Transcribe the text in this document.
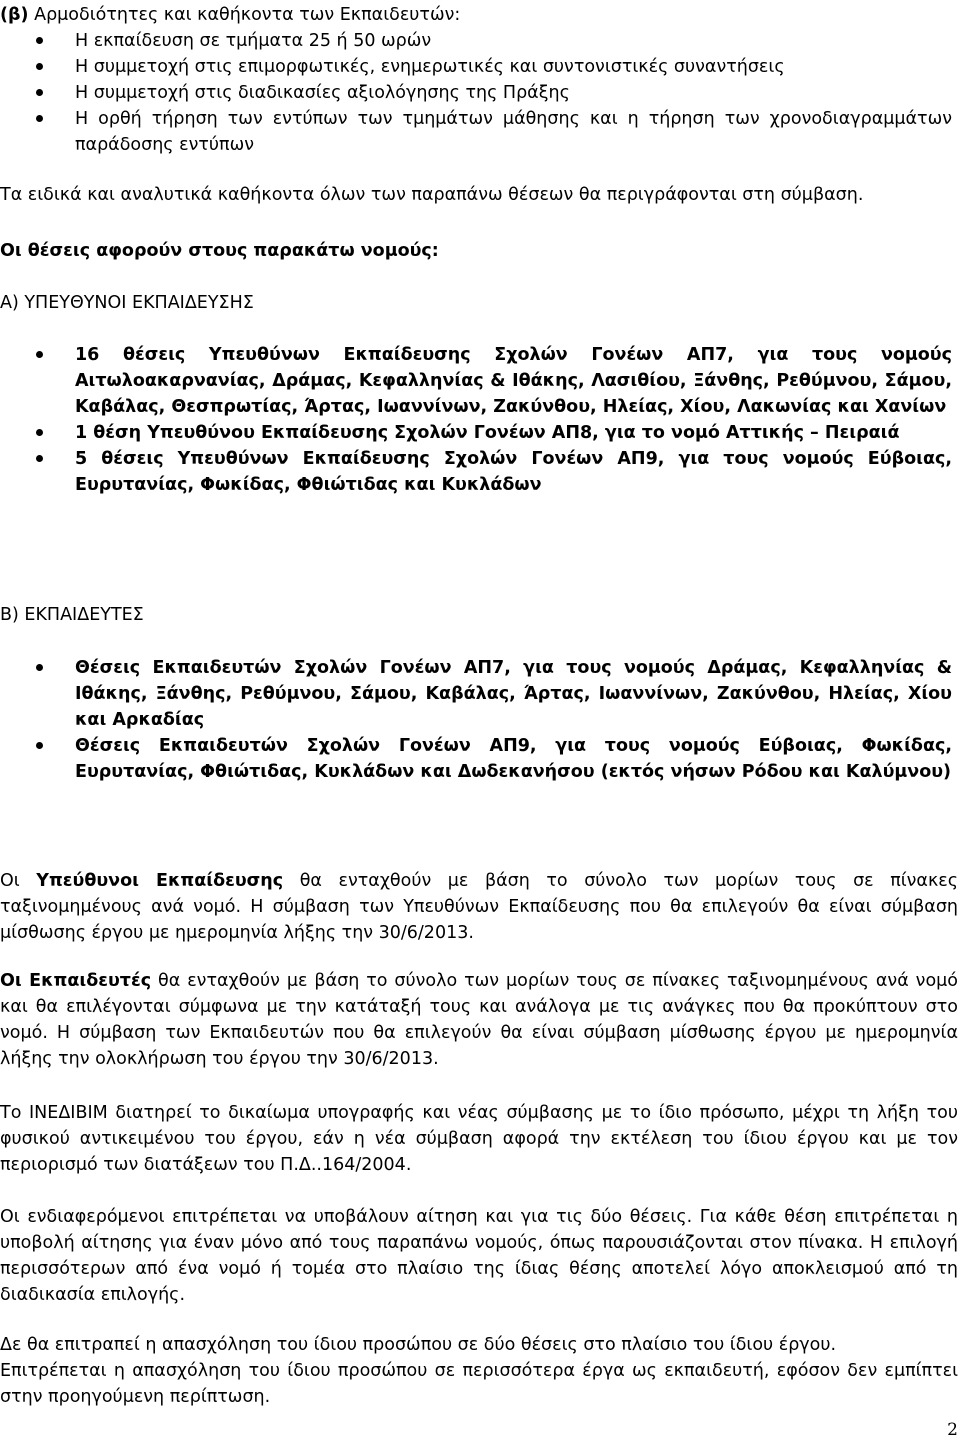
(β) Αρμοδιότητες και καθήκοντα των Εκπαιδευτών:

Η εκπαίδευση σε τμήματα 25 ή 50 ωρών
Η συμμετοχή στις επιμορφωτικές, ενημερωτικές και συντονιστικές συναντήσεις
Η συμμετοχή στις διαδικασίες αξιολόγησης της Πράξης
Η ορθή τήρηση των εντύπων των τμημάτων μάθησης και η τήρηση των χρονοδιαγραμμάτων παράδοσης εντύπων

Τα ειδικά και αναλυτικά καθήκοντα όλων των παραπάνω θέσεων θα περιγράφονται στη σύμβαση.

Οι θέσεις αφορούν στους παρακάτω νομούς:

Α) ΥΠΕΥΘΥΝΟΙ ΕΚΠΑΙΔΕΥΣΗΣ

16 θέσεις Υπευθύνων Εκπαίδευσης Σχολών Γονέων ΑΠ7, για τους νομούς Αιτωλοακαρνανίας, Δράμας, Κεφαλληνίας & Ιθάκης, Λασιθίου, Ξάνθης, Ρεθύμνου, Σάμου, Καβάλας, Θεσπρωτίας, Άρτας, Ιωαννίνων, Ζακύνθου, Ηλείας, Χίου, Λακωνίας και Χανίων
1 θέση Υπευθύνου Εκπαίδευσης Σχολών Γονέων ΑΠ8, για το νομό Αττικής – Πειραιά
5 θέσεις Υπευθύνων Εκπαίδευσης Σχολών Γονέων ΑΠ9, για τους νομούς Εύβοιας, Ευρυτανίας, Φωκίδας, Φθιώτιδας και Κυκλάδων

Β) ΕΚΠΑΙΔΕΥΤΕΣ

Θέσεις Εκπαιδευτών Σχολών Γονέων ΑΠ7, για τους νομούς Δράμας, Κεφαλληνίας & Ιθάκης, Ξάνθης, Ρεθύμνου, Σάμου, Καβάλας, Άρτας, Ιωαννίνων, Ζακύνθου, Ηλείας, Χίου και Αρκαδίας
Θέσεις Εκπαιδευτών Σχολών Γονέων ΑΠ9, για τους νομούς Εύβοιας, Φωκίδας, Ευρυτανίας, Φθιώτιδας, Κυκλάδων και Δωδεκανήσου (εκτός νήσων Ρόδου και Καλύμνου)

Οι Υπεύθυνοι Εκπαίδευσης θα ενταχθούν με βάση το σύνολο των μορίων τους σε πίνακες ταξινομημένους ανά νομό. Η σύμβαση των Υπευθύνων Εκπαίδευσης που θα επιλεγούν θα είναι σύμβαση μίσθωσης έργου με ημερομηνία λήξης την 30/6/2013.

Οι Εκπαιδευτές θα ενταχθούν με βάση το σύνολο των μορίων τους σε πίνακες ταξινομημένους ανά νομό και θα επιλέγονται σύμφωνα με την κατάταξή τους και ανάλογα με τις ανάγκες που θα προκύπτουν στο νομό. Η σύμβαση των Εκπαιδευτών που θα επιλεγούν θα είναι σύμβαση μίσθωσης έργου με ημερομηνία λήξης την ολοκλήρωση του έργου την 30/6/2013.

Το ΙΝΕΔΙΒΙΜ διατηρεί το δικαίωμα υπογραφής και νέας σύμβασης με το ίδιο πρόσωπο, μέχρι τη λήξη του φυσικού αντικειμένου του έργου, εάν η νέα σύμβαση αφορά την εκτέλεση του ίδιου έργου και με τον περιορισμό των διατάξεων του Π.Δ..164/2004.

Οι ενδιαφερόμενοι επιτρέπεται να υποβάλουν αίτηση και για τις δύο θέσεις. Για κάθε θέση επιτρέπεται η υποβολή αίτησης για έναν μόνο από τους παραπάνω νομούς, όπως παρουσιάζονται στον πίνακα. Η επιλογή περισσότερων από ένα νομό ή τομέα στο πλαίσιο της ίδιας θέσης αποτελεί λόγο αποκλεισμού από τη διαδικασία επιλογής.

Δε θα επιτραπεί η απασχόληση του ίδιου προσώπου σε δύο θέσεις στο πλαίσιο του ίδιου έργου.
Επιτρέπεται η απασχόληση του ίδιου προσώπου σε περισσότερα έργα ως εκπαιδευτή, εφόσον δεν εμπίπτει στην προηγούμενη περίπτωση.
2
